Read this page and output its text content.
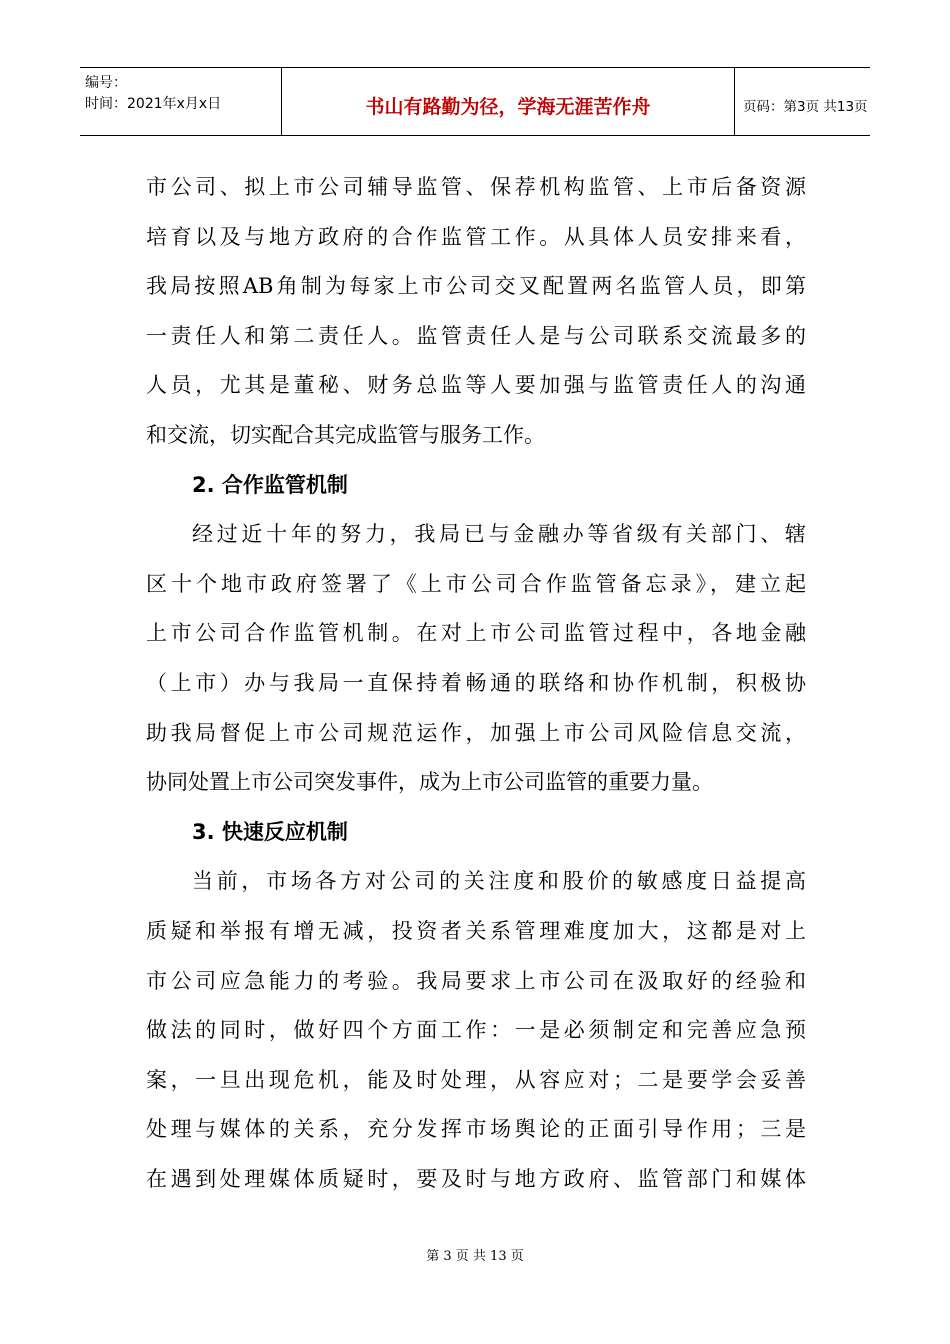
编号：
时间：2021年x月x日	书山有路勤为径，学海无涯苦作舟	页码：第3页 共13页
市公司、拟上市公司辅导监管、保荐机构监管、上市后备资源
培育以及与地方政府的合作监管工作。从具体人员安排来看，
我局按照AB角制为每家上市公司交叉配置两名监管人员，即第
一责任人和第二责任人。监管责任人是与公司联系交流最多的
人员，尤其是董秘、财务总监等人要加强与监管责任人的沟通
和交流，切实配合其完成监管与服务工作。
2. 合作监管机制
经过近十年的努力，我局已与金融办等省级有关部门、辖
区十个地市政府签署了《上市公司合作监管备忘录》，建立起
上市公司合作监管机制。在对上市公司监管过程中，各地金融
（上市）办与我局一直保持着畅通的联络和协作机制，积极协
助我局督促上市公司规范运作，加强上市公司风险信息交流，
协同处置上市公司突发事件，成为上市公司监管的重要力量。
3. 快速反应机制
当前，市场各方对公司的关注度和股价的敏感度日益提高
质疑和举报有增无减，投资者关系管理难度加大，这都是对上
市公司应急能力的考验。我局要求上市公司在汲取好的经验和
做法的同时，做好四个方面工作：一是必须制定和完善应急预
案，一旦出现危机，能及时处理，从容应对；二是要学会妥善
处理与媒体的关系，充分发挥市场舆论的正面引导作用；三是
在遇到处理媒体质疑时，要及时与地方政府、监管部门和媒体
第 3 页 共 13 页
